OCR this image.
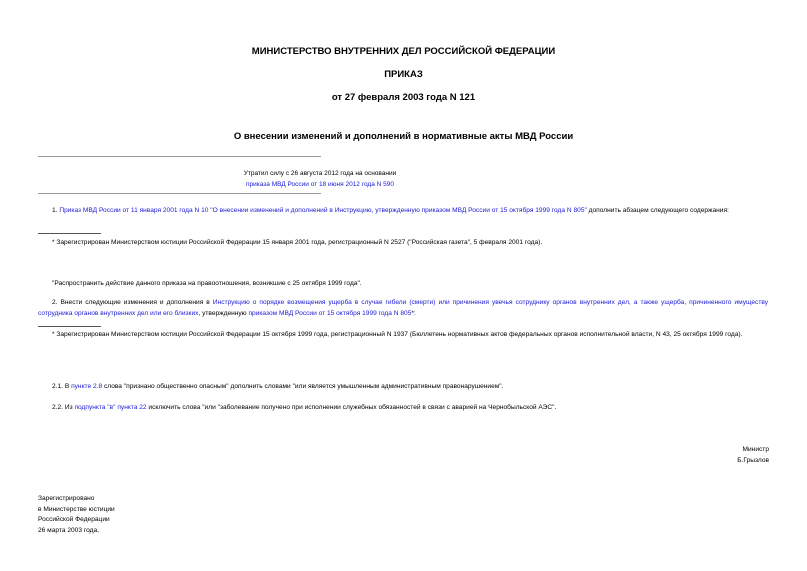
МИНИСТЕРСТВО ВНУТРЕННИХ ДЕЛ РОССИЙСКОЙ ФЕДЕРАЦИИ
ПРИКАЗ
от 27 февраля 2003 года N 121
О внесении изменений и дополнений в нормативные акты МВД России
Утратил силу с 26 августа 2012 года на основании
приказа МВД России от 18 июня 2012 года N 590
1. Приказ МВД России от 11 января 2001 года N 10 "О внесении изменений и дополнений в Инструкцию, утвержденную приказом МВД России от 15 октября 1999 года N 805" дополнить абзацем следующего содержания:
* Зарегистрирован Министерством юстиции Российской Федерации 15 января 2001 года, регистрационный N 2527 ("Российская газета", 5 февраля 2001 года).
"Распространить действие данного приказа на правоотношения, возникшие с 25 октября 1999 года".
2. Внести следующие изменения и дополнения в Инструкцию о порядке возмещения ущерба в случае гибели (смерти) или причинения увечья сотруднику органов внутренних дел, а также ущерба, причиненного имуществу сотрудника органов внутренних дел или его близких, утвержденную приказом МВД России от 15 октября 1999 года N 805*:
* Зарегистрирован Министерством юстиции Российской Федерации 15 октября 1999 года, регистрационный N 1937 (Бюллетень нормативных актов федеральных органов исполнительной власти, N 43, 25 октября 1999 года).
2.1. В пункте 2.8 слова "признано общественно опасным" дополнить словами "или является умышленным административным правонарушением".
2.2. Из подпункта "в" пункта 22 исключить слова "или "заболевание получено при исполнении служебных обязанностей в связи с аварией на Чернобыльской АЭС".
Министр
Б.Грызлов
Зарегистрировано
в Министерстве юстиции
Российской Федерации
26 марта 2003 года,
